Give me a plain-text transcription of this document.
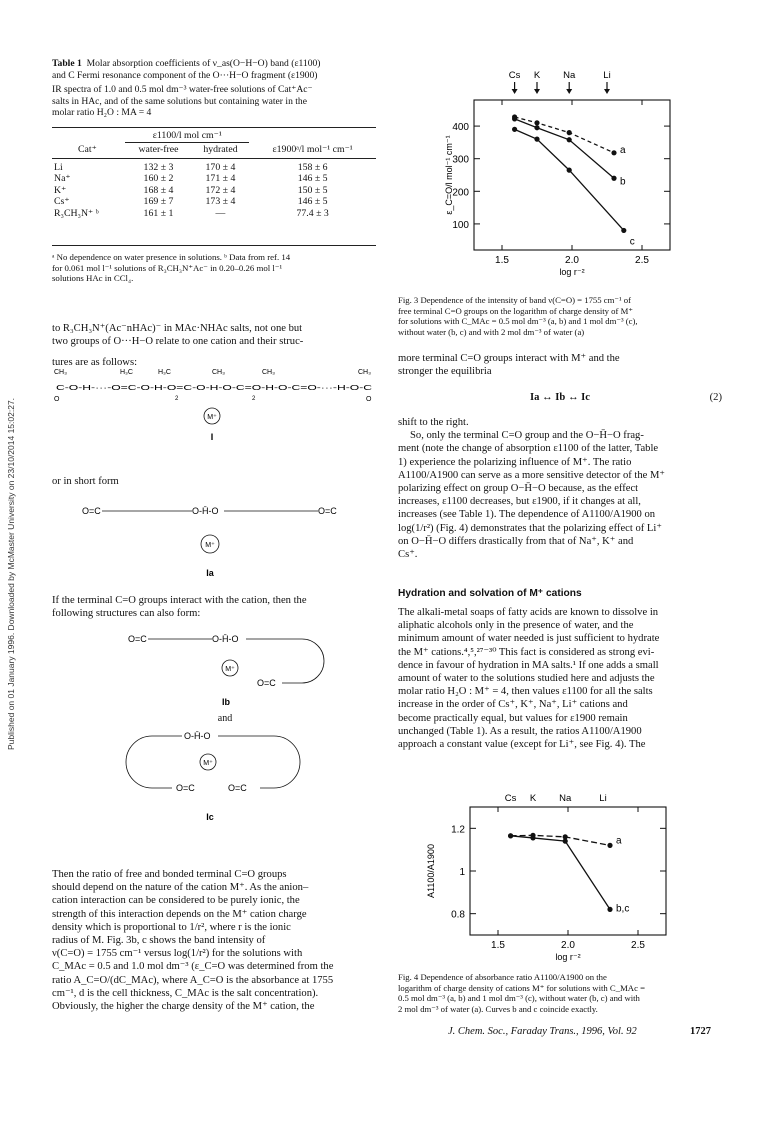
Published on 01 January 1996. Downloaded by McMaster University on 23/10/2014 15:02:27.
Table 1 Molar absorption coefficients of ν_as(O−H−O) band (ε1100)
and C Fermi resonance component of the O···H−O fragment (ε1900)
IR spectra of 1.0 and 0.5 mol dm⁻³ water-free solutions of Cat⁺Ac⁻
salts in HAc, and of the same solutions but containing water in the
molar ratio H₂O : MA = 4
	ε1100/l mol cm⁻¹		
Cat⁺	water-free	hydrated	ε1900ᵃ/l mol⁻¹ cm⁻¹

Li	132 ± 3	170 ± 4	158 ± 6
Na⁺	160 ± 2	171 ± 4	146 ± 5
K⁺	168 ± 4	172 ± 4	150 ± 5
Cs⁺	169 ± 7	173 ± 4	146 ± 5
R₃CH₃N⁺ ᵇ	161 ± 1	—	77.4 ± 3
ᵃ No dependence on water presence in solutions. ᵇ Data from ref. 14
for 0.061 mol l⁻¹ solutions of R₃CH₃N⁺Ac⁻ in 0.20–0.26 mol l⁻¹
solutions HAc in CCl₄.
to R₃CH₃N⁺(Ac⁻nHAc)⁻ in MAc·NHAc salts, not one but
two groups of O···H−O relate to one cation and their struc-
tures are as follows:
CH₃	H₃C	H₃C	CH₃	CH₃	CH₃
C-O-H-···-O=C-O-H-O=C-O-H-O-C=O-H-O-C=O-···-H-O-C
O	O
2	2
M⁺
I
or in short form
O=C	O-H̄-O	O=C
M⁺
Ia
If the terminal C=O groups interact with the cation, then the
following structures can also form:
O=C	O-H̄-O
O=C
M⁺
Ib
and
O=C
O-H̄-O
O=C
M⁺
Ic
Then the ratio of free and bonded terminal C=O groups
should depend on the nature of the cation M⁺. As the anion–
cation interaction can be considered to be purely ionic, the
strength of this interaction depends on the M⁺ cation charge
density which is proportional to 1/r², where r is the ionic
radius of M. Fig. 3b, c shows the band intensity of
ν(C=O) = 1755 cm⁻¹ versus log(1/r²) for the solutions with
C_MAc = 0.5 and 1.0 mol dm⁻³ (ε_C=O was determined from the
ratio A_C=O/(dC_MAc), where A_C=O is the absorbance at 1755
cm⁻¹, d is the cell thickness, C_MAc is the salt concentration).
Obviously, the higher the charge density of the M⁺ cation, the
1.5	2.0	2.5
100
200
300
400
log r⁻²
ε_C=O/l mol⁻¹ cm⁻¹
Cs K Na	Li
a
b
c
Fig. 3 Dependence of the intensity of band ν(C=O) = 1755 cm⁻¹ of
free terminal C=O groups on the logarithm of charge density of M⁺
for solutions with C_MAc = 0.5 mol dm⁻³ (a, b) and 1 mol dm⁻³ (c),
without water (b, c) and with 2 mol dm⁻³ of water (a)
more terminal C=O groups interact with M⁺ and the
stronger the equilibria
Ia ↔ Ib ↔ Ic	(2)
shift to the right.
So, only the terminal C=O group and the O−H̄−O frag-
ment (note the change of absorption ε1100 of the latter, Table
1) experience the polarizing influence of M⁺. The ratio
A1100/A1900 can serve as a more sensitive detector of the M⁺
polarizing effect on group O−H̄−O because, as the effect
increases, ε1100 decreases, but ε1900, if it changes at all,
increases (see Table 1). The dependence of A1100/A1900 on
log(1/r²) (Fig. 4) demonstrates that the polarizing effect of Li⁺
on O−H̄−O differs drastically from that of Na⁺, K⁺ and
Cs⁺.
Hydration and solvation of M⁺ cations
The alkali-metal soaps of fatty acids are known to dissolve in
aliphatic alcohols only in the presence of water, and the
minimum amount of water needed is just sufficient to hydrate
the M⁺ cations.⁴,⁵,²⁷⁻³⁰ This fact is considered as strong evi-
dence in favour of hydration in MA salts.¹ If one adds a small
amount of water to the solutions studied here and adjusts the
molar ratio H₂O : M⁺ = 4, then values ε1100 for all the salts
increase in the order of Cs⁺, K⁺, Na⁺, Li⁺ cations and
become practically equal, but values for ε1900 remain
unchanged (Table 1). As a result, the ratios A1100/A1900
approach a constant value (except for Li⁺, see Fig. 4). The
1.5	2.0	2.5
0.8
1
1.2
log r⁻²
A1100/A1900
Cs K Na	Li
a
b,c
Fig. 4 Dependence of absorbance ratio A1100/A1900 on the
logarithm of charge density of cations M⁺ for solutions with C_MAc =
0.5 mol dm⁻³ (a, b) and 1 mol dm⁻³ (c), without water (b, c) and with
2 mol dm⁻³ of water (a). Curves b and c coincide exactly.
J. Chem. Soc., Faraday Trans., 1996, Vol. 92	1727
